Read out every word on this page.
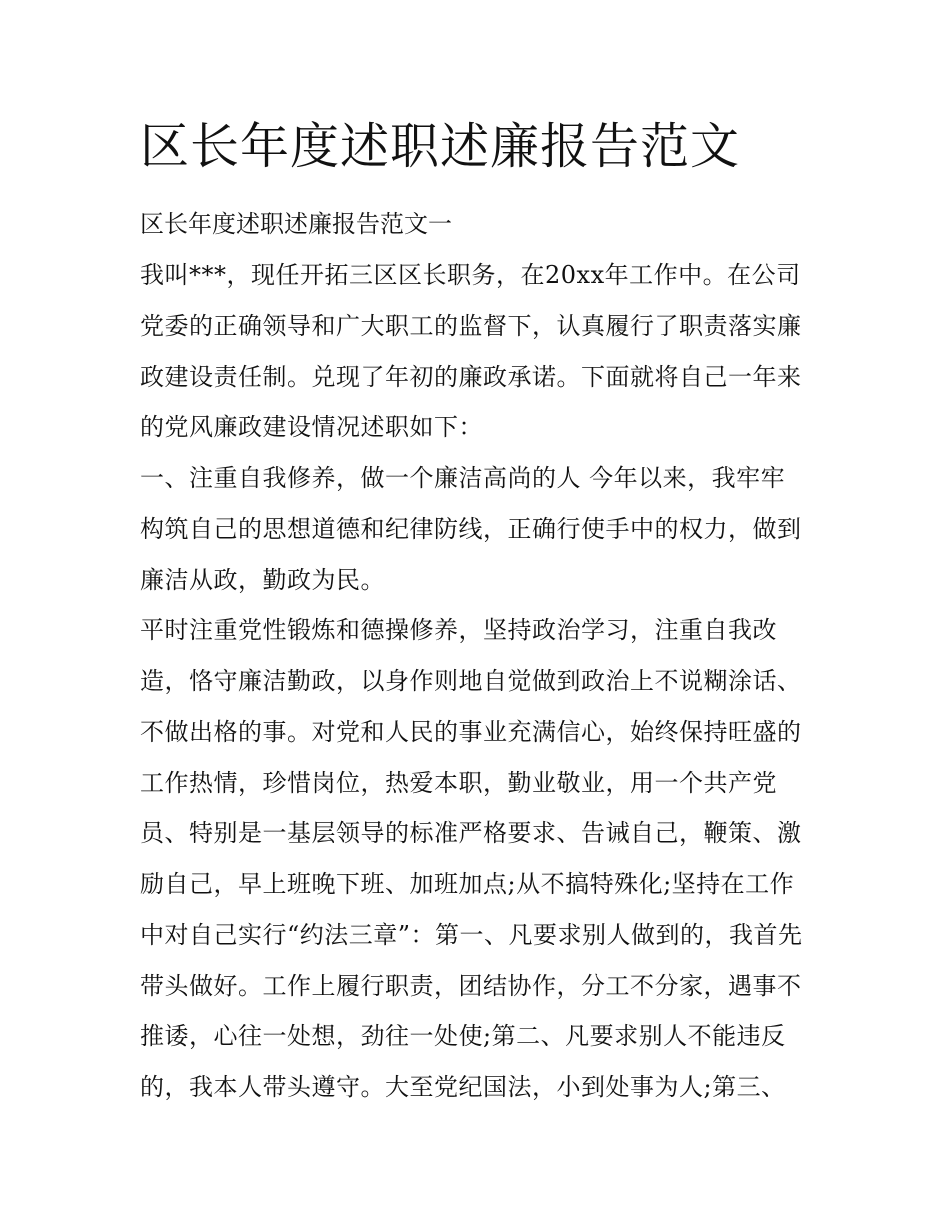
区长年度述职述廉报告范文
区长年度述职述廉报告范文一
我叫***，现任开拓三区区长职务，在20xx年工作中。在公司
党委的正确领导和广大职工的监督下，认真履行了职责落实廉
政建设责任制。兑现了年初的廉政承诺。下面就将自己一年来
的党风廉政建设情况述职如下：
一、注重自我修养，做一个廉洁高尚的人 今年以来，我牢牢
构筑自己的思想道德和纪律防线，正确行使手中的权力，做到
廉洁从政，勤政为民。
平时注重党性锻炼和德操修养，坚持政治学习，注重自我改
造，恪守廉洁勤政，以身作则地自觉做到政治上不说糊涂话、
不做出格的事。对党和人民的事业充满信心，始终保持旺盛的
工作热情，珍惜岗位，热爱本职，勤业敬业，用一个共产党
员、特别是一基层领导的标准严格要求、告诫自己，鞭策、激
励自己，早上班晚下班、加班加点;从不搞特殊化;坚持在工作
中对自己实行“约法三章”：第一、凡要求别人做到的，我首先
带头做好。工作上履行职责，团结协作，分工不分家，遇事不
推诿，心往一处想，劲往一处使;第二、凡要求别人不能违反
的，我本人带头遵守。大至党纪国法，小到处事为人;第三、
